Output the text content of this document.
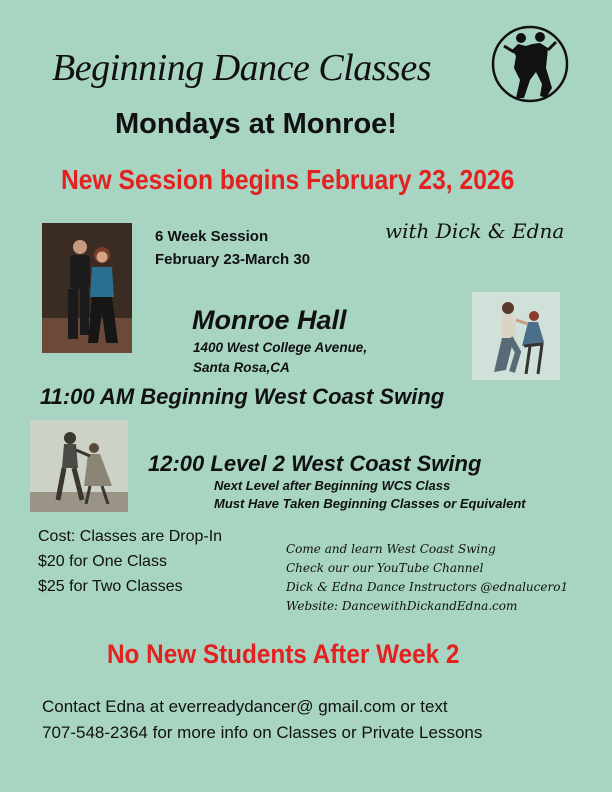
Beginning Dance Classes
Mondays at Monroe!
New Session begins February 23, 2026
6 Week Session
February 23-March 30
with Dick & Edna
Monroe Hall
1400 West College Avenue,
Santa Rosa,CA
11:00 AM Beginning West Coast Swing
12:00 Level 2 West Coast Swing
Next Level after Beginning WCS Class
Must Have Taken Beginning Classes or Equivalent
Cost: Classes are Drop-In
$20 for One Class
$25 for Two Classes
Come and learn West Coast Swing
Check our our YouTube Channel
Dick & Edna Dance Instructors @ednalucero1
Website: DancewithDickandEdna.com
No New Students After Week 2
Contact Edna at everreadydancer@ gmail.com or text
707-548-2364 for more info on Classes or Private Lessons
